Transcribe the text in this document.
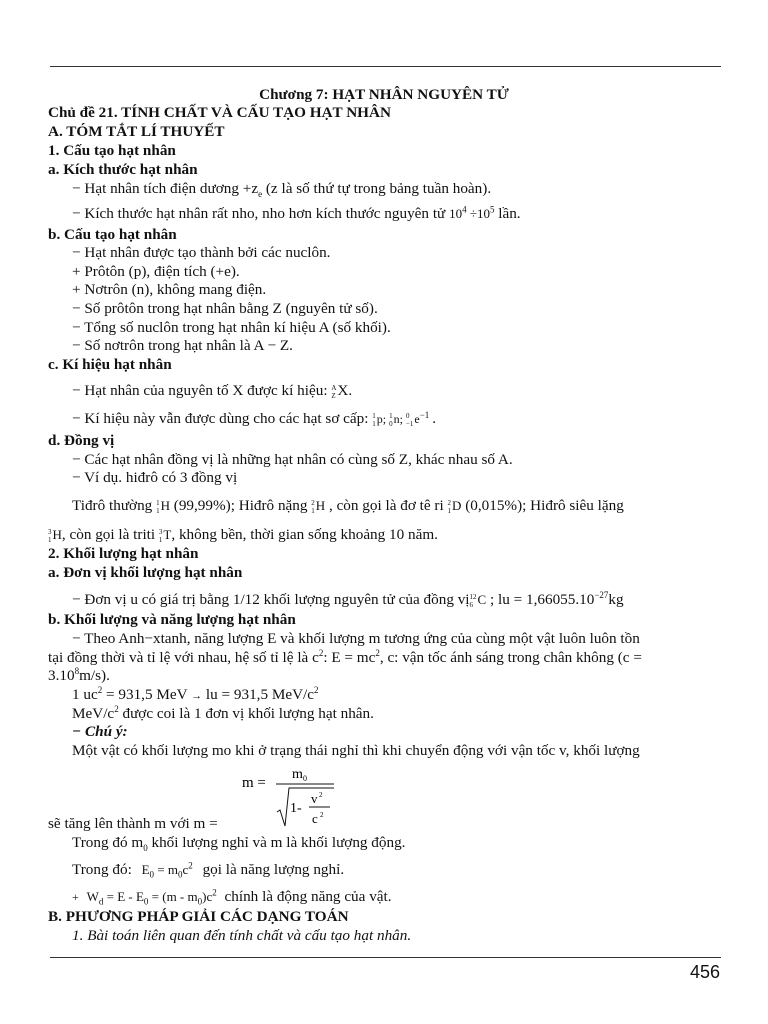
Chương 7: HẠT NHÂN NGUYÊN TỬ
Chủ đề 21. TÍNH CHẤT VÀ CẤU TẠO HẠT NHÂN
A. TÓM TẮT LÍ THUYẾT
1. Cấu tạo hạt nhân
a. Kích thước hạt nhân
− Hạt nhân tích điện dương $+z_e$ (z là số thứ tự trong bảng tuần hoàn).
− Kích thước hạt nhân rất nho, nho hơn kích thước nguyên tử $10^4 \div 10^5$ lần.
b. Cấu tạo hạt nhân
− Hạt nhân được tạo thành bởi các nuclôn.
+ Prôtôn (p), điện tích (+e).
+ Nơtrôn (n), không mang điện.
− Số prôtôn trong hạt nhân bằng Z (nguyên tử số).
− Tổng số nuclôn trong hạt nhân kí hiệu A (số khối).
− Số nơtrôn trong hạt nhân là A − Z.
c. Kí hiệu hạt nhân
− Hạt nhân của nguyên tố X được kí hiệu: A
Z X.
− Kí hiệu này vẫn được dùng cho các hạt sơ cấp: 1
1 p; 1
0 n; 0
−1 $e^{-1}$ .
d. Đồng vị
− Các hạt nhân đồng vị là những hạt nhân có cùng số Z, khác nhau số A.
− Ví dụ. hiđrô có 3 đồng vị
Tiđrô thường 1
1 H (99,99%); Hiđrô nặng 2
1 H , còn gọi là đơ tê ri 2
1 D (0,015%); Hiđrô siêu lặng
3
1 H, còn gọi là triti 3
1 T, không bền, thời gian sống khoảng 10 năm.
2. Khối lượng hạt nhân
a. Đơn vị khối lượng hạt nhân
− Đơn vị u có giá trị bằng 1/12 khối lượng nguyên tử của đồng vị 12
6 C ; lu = $1,66055.10^{-27}kg$
b. Khối lượng và năng lượng hạt nhân
− Theo Anh−xtanh, năng lượng E và khối lượng m tương ứng của cùng một vật luôn luôn tồn
tại đồng thời và tỉ lệ với nhau, hệ số tỉ lệ là $c^2$: $E = mc^2$, c: vận tốc ánh sáng trong chân không (c =
$3.10^8m/s$).
1 $uc^2 = 931,5$ MeV → lu = 931,5 MeV/$c^2$
MeV/$c^2$ được coi là 1 đơn vị khối lượng hạt nhân.
− Chú ý:
Một vật có khối lượng mo khi ở trạng thái nghỉ thì khi chuyển động với vận tốc v, khối lượng
m =
m 0
1-
v 2
c 2
sẽ tăng lên thành m với m =
Trong đó $m_0$ khối lượng nghỉ và m là khối lượng động.
Trong đó: $E_0 = m_0c^2$ gọi là năng lượng nghỉ.
+ $W_d = E - E_0 = (m - m_0)c^2$ chính là động năng của vật.
B. PHƯƠNG PHÁP GIẢI CÁC DẠNG TOÁN
1. Bài toán liên quan đến tính chất và cấu tạo hạt nhân.
456
